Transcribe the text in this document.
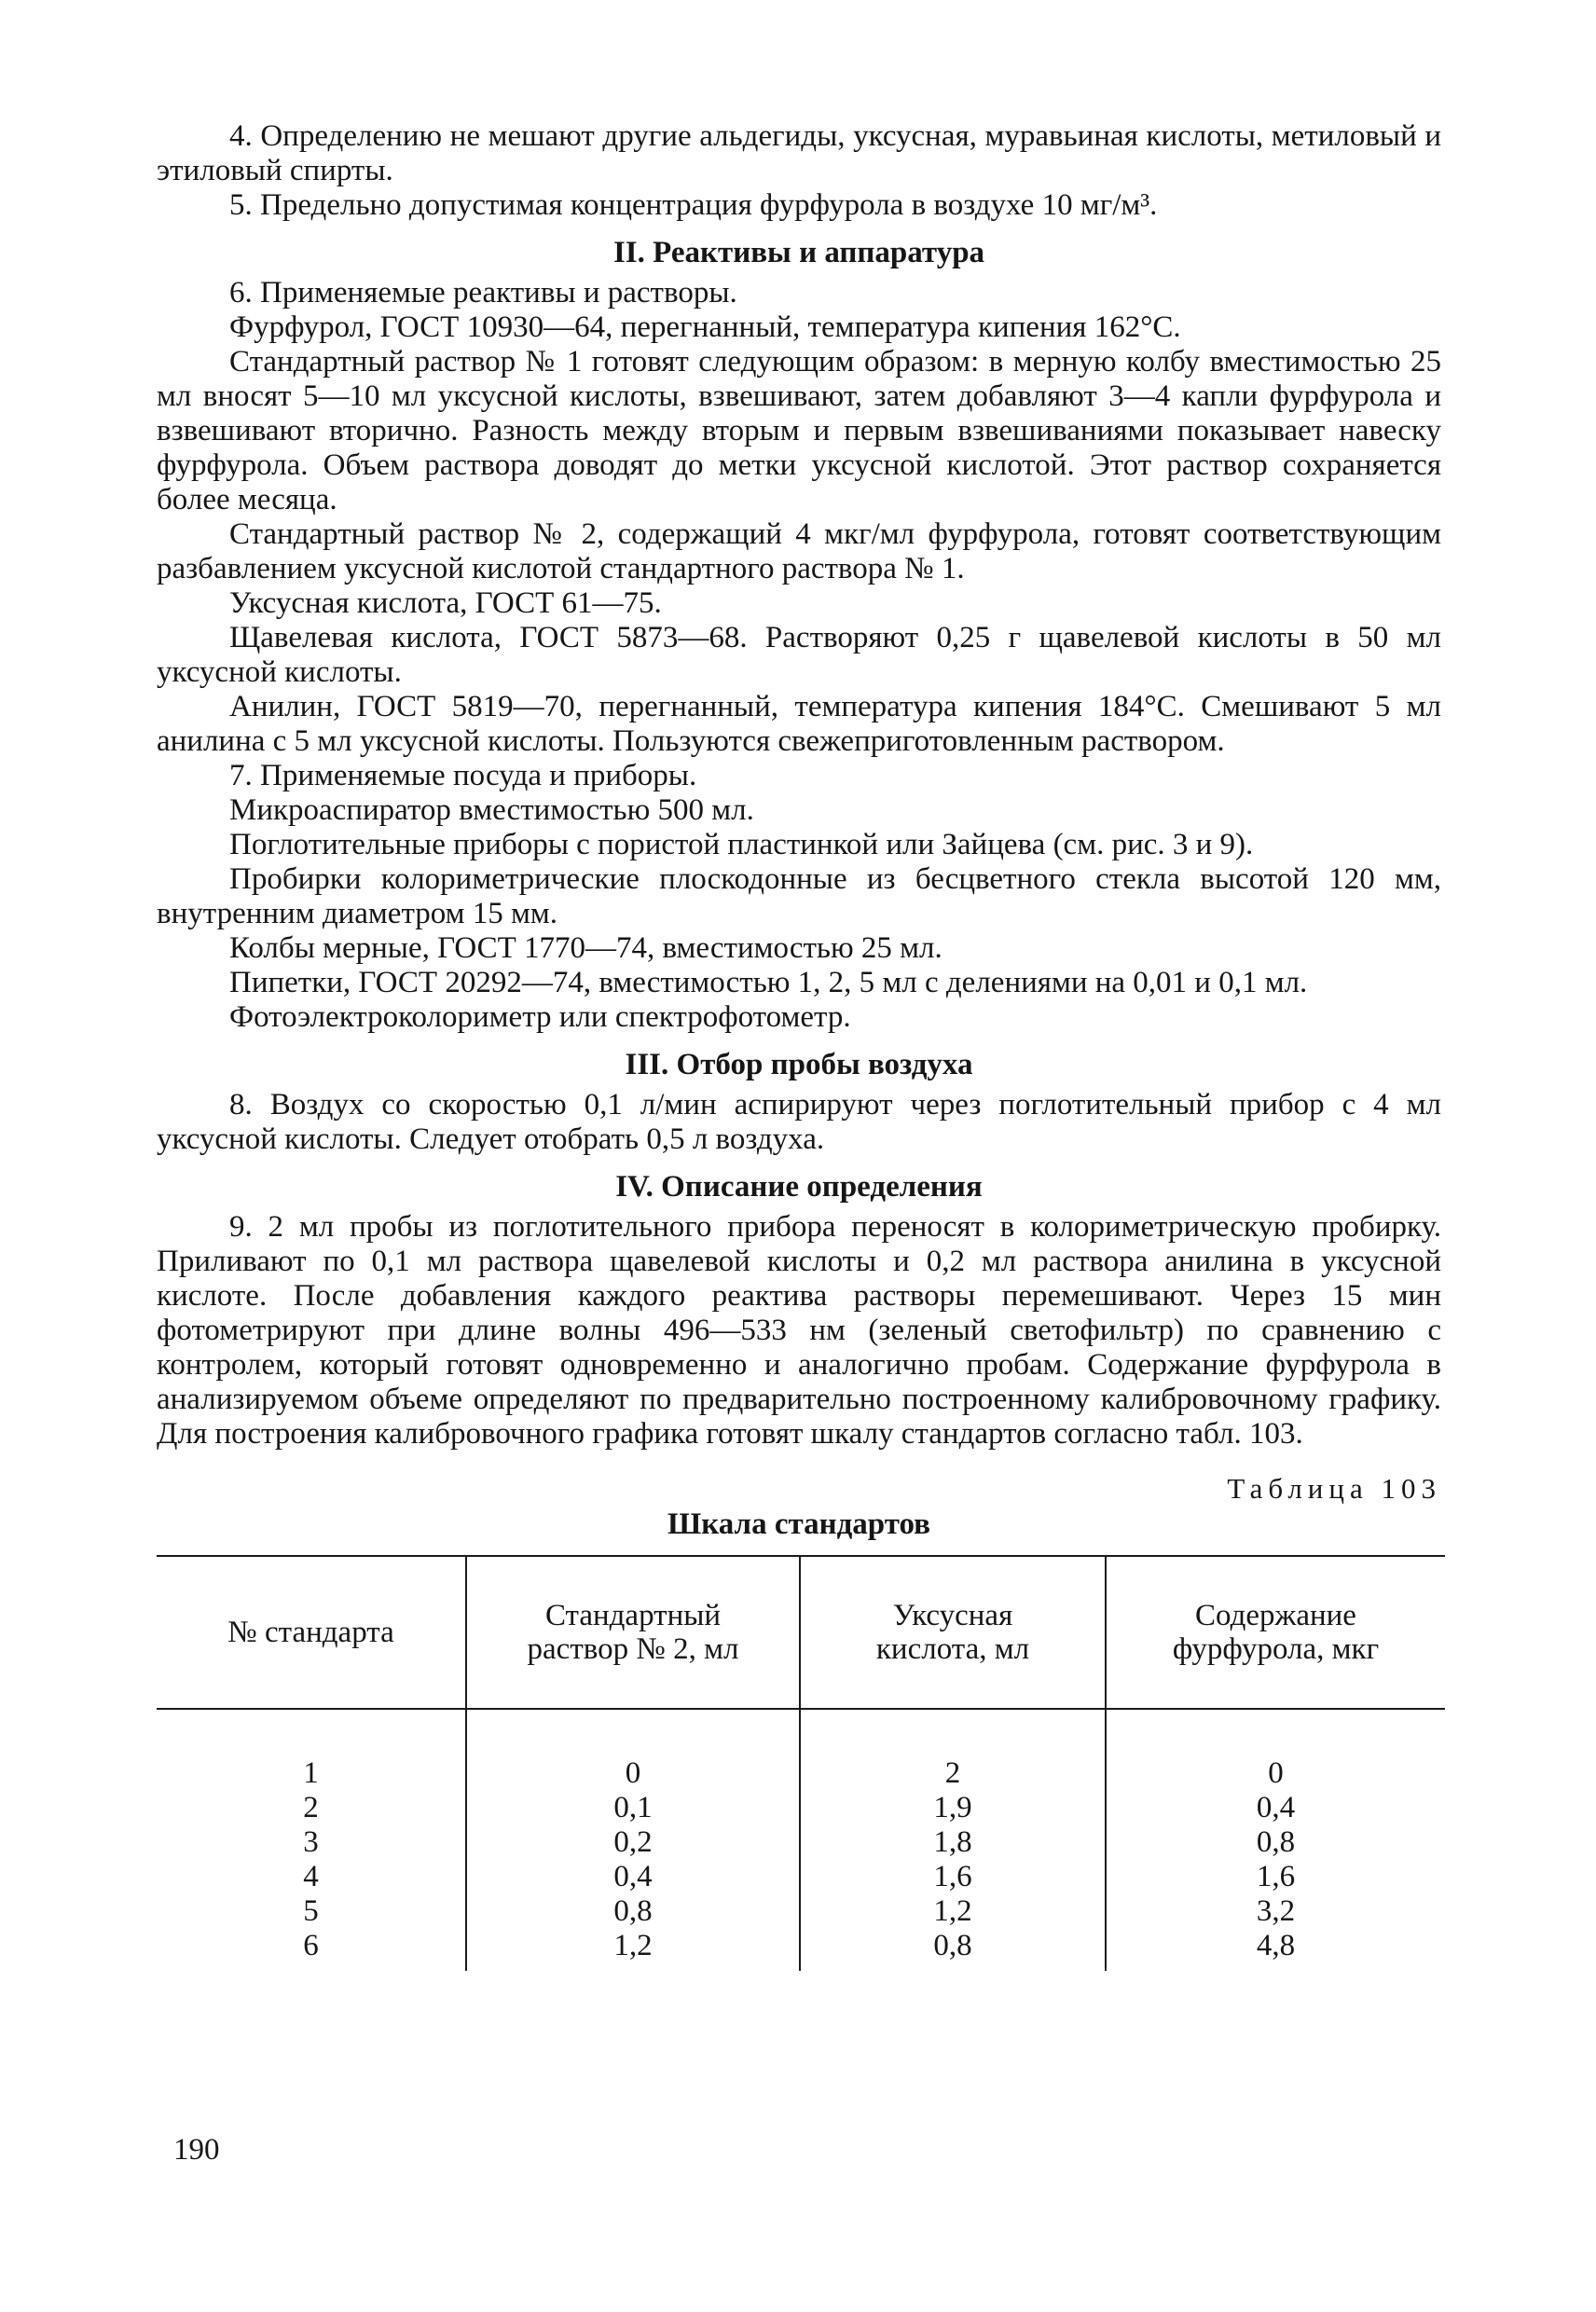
4. Определению не мешают другие альдегиды, уксусная, муравьиная кислоты, метиловый и этиловый спирты.

5. Предельно допустимая концентрация фурфурола в воздухе 10 мг/м³.

II. Реактивы и аппаратура

6. Применяемые реактивы и растворы.

Фурфурол, ГОСТ 10930—64, перегнанный, температура кипения 162°С.

Стандартный раствор № 1 готовят следующим образом: в мерную колбу вместимостью 25 мл вносят 5—10 мл уксусной кислоты, взвешивают, затем добавляют 3—4 капли фурфурола и взвешивают вторично. Разность между вторым и первым взвешиваниями показывает навеску фурфурола. Объем раствора доводят до метки уксусной кислотой. Этот раствор сохраняется более месяца.

Стандартный раствор № 2, содержащий 4 мкг/мл фурфурола, готовят соответствующим разбавлением уксусной кислотой стандартного раствора № 1.

Уксусная кислота, ГОСТ 61—75.

Щавелевая кислота, ГОСТ 5873—68. Растворяют 0,25 г щавелевой кислоты в 50 мл уксусной кислоты.

Анилин, ГОСТ 5819—70, перегнанный, температура кипения 184°С. Смешивают 5 мл анилина с 5 мл уксусной кислоты. Пользуются свежеприготовленным раствором.

7. Применяемые посуда и приборы.

Микроаспиратор вместимостью 500 мл.

Поглотительные приборы с пористой пластинкой или Зайцева (см. рис. 3 и 9).

Пробирки колориметрические плоскодонные из бесцветного стекла высотой 120 мм, внутренним диаметром 15 мм.

Колбы мерные, ГОСТ 1770—74, вместимостью 25 мл.

Пипетки, ГОСТ 20292—74, вместимостью 1, 2, 5 мл с делениями на 0,01 и 0,1 мл.

Фотоэлектроколориметр или спектрофотометр.

III. Отбор пробы воздуха

8. Воздух со скоростью 0,1 л/мин аспирируют через поглотительный прибор с 4 мл уксусной кислоты. Следует отобрать 0,5 л воздуха.

IV. Описание определения

9. 2 мл пробы из поглотительного прибора переносят в колориметрическую пробирку. Приливают по 0,1 мл раствора щавелевой кислоты и 0,2 мл раствора анилина в уксусной кислоте. После добавления каждого реактива растворы перемешивают. Через 15 мин фотометрируют при длине волны 496—533 нм (зеленый светофильтр) по сравнению с контролем, который готовят одновременно и аналогично пробам. Содержание фурфурола в анализируемом объеме определяют по предварительно построенному калибровочному графику. Для построения калибровочного графика готовят шкалу стандартов согласно табл. 103.

Таблица 103
Шкала стандартов
№ стандарта	Стандартный раствор № 2, мл	Уксусная кислота, мл	Содержание фурфурола, мкг

1	0	2	0
2	0,1	1,9	0,4
3	0,2	1,8	0,8
4	0,4	1,6	1,6
5	0,8	1,2	3,2
6	1,2	0,8	4,8
190
